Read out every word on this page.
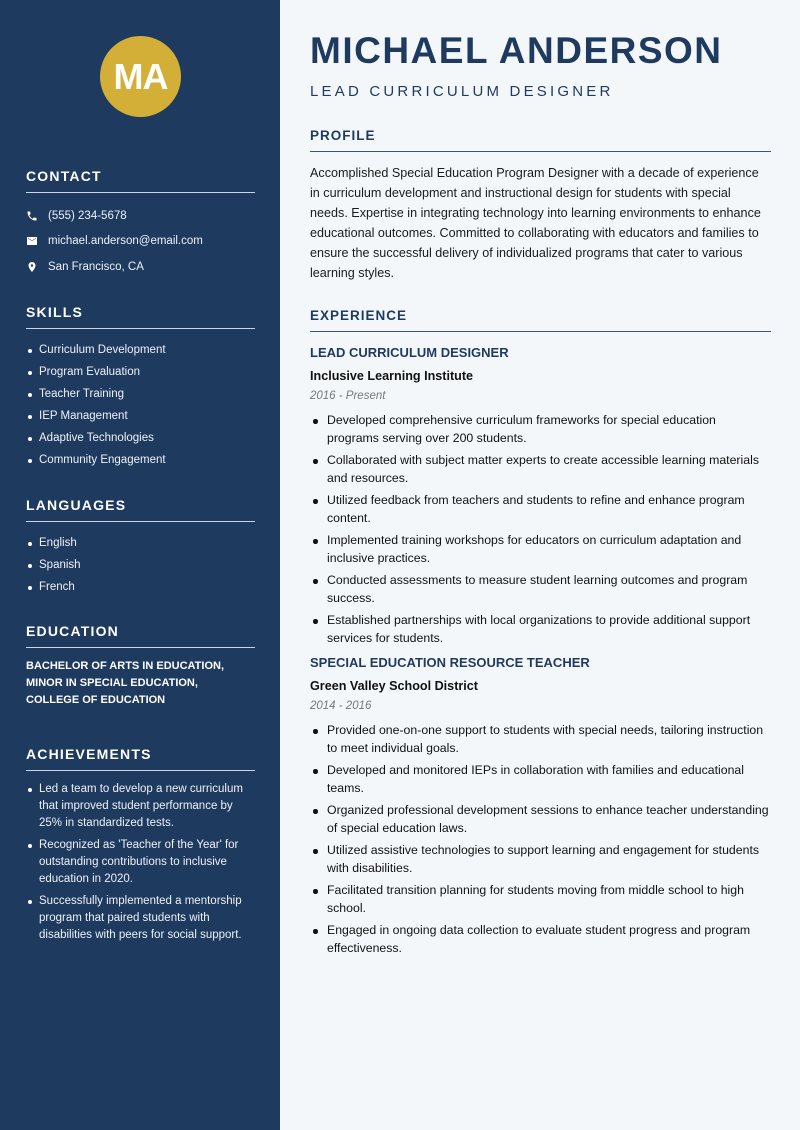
MA
CONTACT
(555) 234-5678
michael.anderson@email.com
San Francisco, CA
SKILLS
Curriculum Development
Program Evaluation
Teacher Training
IEP Management
Adaptive Technologies
Community Engagement
LANGUAGES
English
Spanish
French
EDUCATION
BACHELOR OF ARTS IN EDUCATION,
MINOR IN SPECIAL EDUCATION,
COLLEGE OF EDUCATION
ACHIEVEMENTS
Led a team to develop a new curriculum that improved student performance by 25% in standardized tests.
Recognized as 'Teacher of the Year' for outstanding contributions to inclusive education in 2020.
Successfully implemented a mentorship program that paired students with disabilities with peers for social support.
MICHAEL ANDERSON
LEAD CURRICULUM DESIGNER
PROFILE
Accomplished Special Education Program Designer with a decade of experience in curriculum development and instructional design for students with special needs. Expertise in integrating technology into learning environments to enhance educational outcomes. Committed to collaborating with educators and families to ensure the successful delivery of individualized programs that cater to various learning styles.
EXPERIENCE
LEAD CURRICULUM DESIGNER
Inclusive Learning Institute
2016 - Present
Developed comprehensive curriculum frameworks for special education programs serving over 200 students.
Collaborated with subject matter experts to create accessible learning materials and resources.
Utilized feedback from teachers and students to refine and enhance program content.
Implemented training workshops for educators on curriculum adaptation and inclusive practices.
Conducted assessments to measure student learning outcomes and program success.
Established partnerships with local organizations to provide additional support services for students.
SPECIAL EDUCATION RESOURCE TEACHER
Green Valley School District
2014 - 2016
Provided one-on-one support to students with special needs, tailoring instruction to meet individual goals.
Developed and monitored IEPs in collaboration with families and educational teams.
Organized professional development sessions to enhance teacher understanding of special education laws.
Utilized assistive technologies to support learning and engagement for students with disabilities.
Facilitated transition planning for students moving from middle school to high school.
Engaged in ongoing data collection to evaluate student progress and program effectiveness.
